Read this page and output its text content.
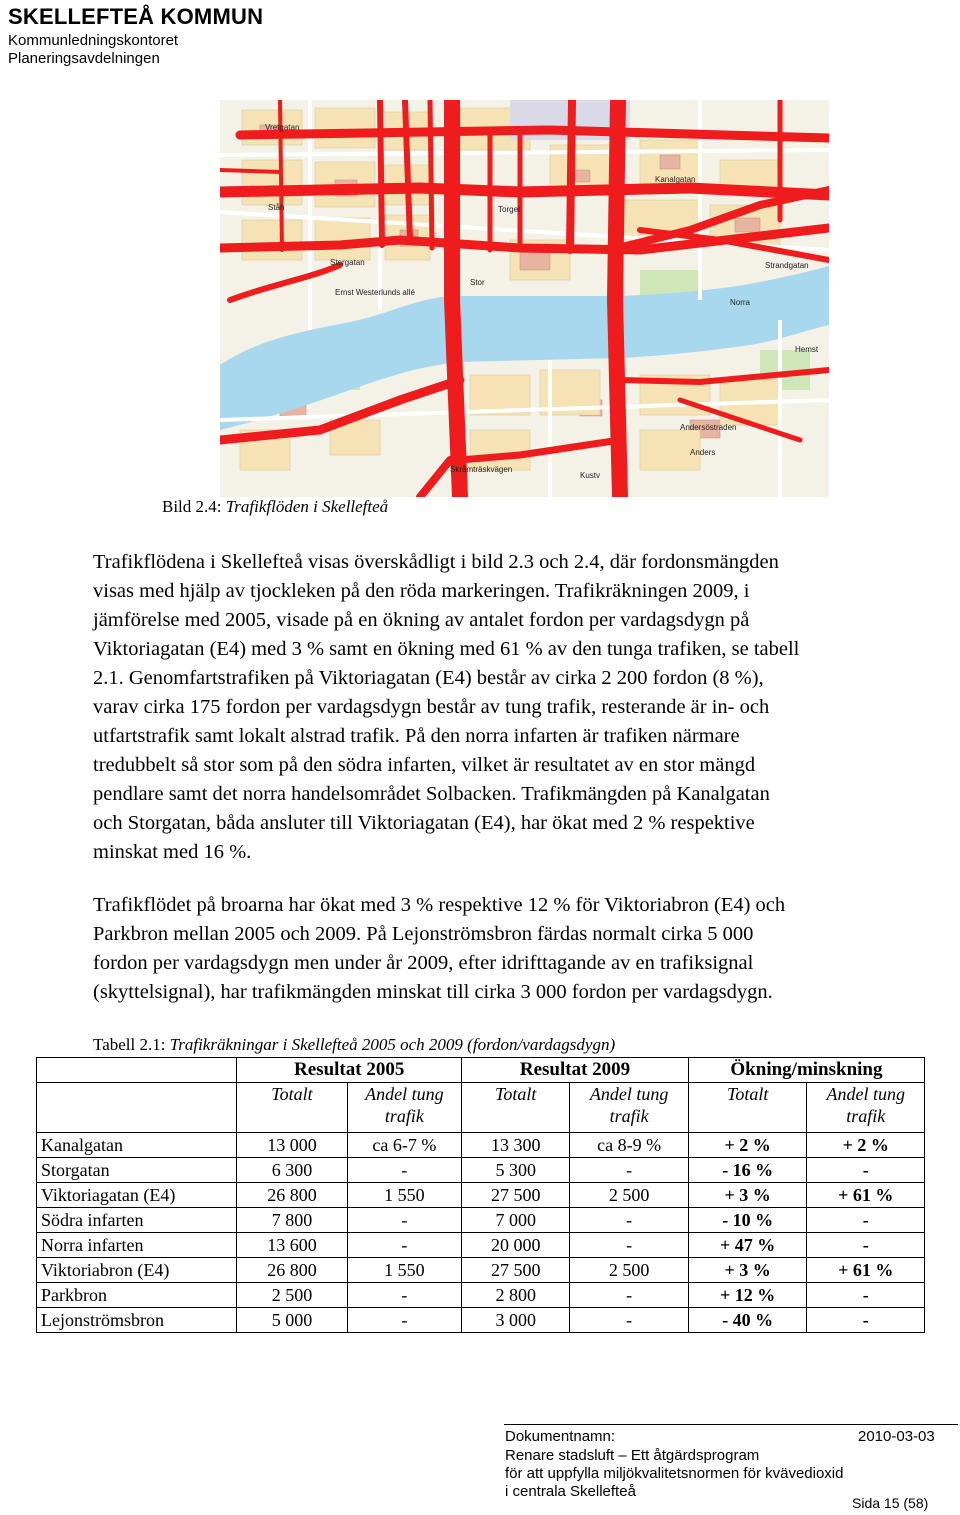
SKELLEFTEÅ KOMMUN
Kommunledningskontoret
Planeringsavdelningen
Vretgatan
Ståh
Storgatan
Kanalgatan
Torget
Norra
Strandgatan
Stor
Ernst Westerlunds allé
Hemst
Kustv
Skråmträskvägen
Andersöstraden
Anders
Bild 2.4: Trafikflöden i Skellefteå
Trafikflödena i Skellefteå visas överskådligt i bild 2.3 och 2.4, där fordonsmängden
visas med hjälp av tjockleken på den röda markeringen. Trafikräkningen 2009, i
jämförelse med 2005, visade på en ökning av antalet fordon per vardagsdygn på
Viktoriagatan (E4) med 3 % samt en ökning med 61 % av den tunga trafiken, se tabell
2.1. Genomfartstrafiken på Viktoriagatan (E4) består av cirka 2 200 fordon (8 %),
varav cirka 175 fordon per vardagsdygn består av tung trafik, resterande är in- och
utfartstrafik samt lokalt alstrad trafik. På den norra infarten är trafiken närmare
tredubbelt så stor som på den södra infarten, vilket är resultatet av en stor mängd
pendlare samt det norra handelsområdet Solbacken. Trafikmängden på Kanalgatan
och Storgatan, båda ansluter till Viktoriagatan (E4), har ökat med 2 % respektive
minskat med 16 %.
Trafikflödet på broarna har ökat med 3 % respektive 12 % för Viktoriabron (E4) och
Parkbron mellan 2005 och 2009. På Lejonströmsbron färdas normalt cirka 5 000
fordon per vardagsdygn men under år 2009, efter idrifttagande av en trafiksignal
(skyttelsignal), har trafikmängden minskat till cirka 3 000 fordon per vardagsdygn.
Tabell 2.1: Trafikräkningar i Skellefteå 2005 och 2009 (fordon/vardagsdygn)
	Resultat 2005		Resultat 2009		Ökning/minskning	
	Totalt	Andel tung trafik	Totalt	Andel tung trafik	Totalt	Andel tung trafik
Kanalgatan	13 000	ca 6-7 %	13 300	ca 8-9 %	+ 2 %	+ 2 %
Storgatan	6 300	-	5 300	-	- 16 %	-
Viktoriagatan (E4)	26 800	1 550	27 500	2 500	+ 3 %	+ 61 %
Södra infarten	7 800	-	7 000	-	- 10 %	-
Norra infarten	13 600	-	20 000	-	+ 47 %	-
Viktoriabron (E4)	26 800	1 550	27 500	2 500	+ 3 %	+ 61 %
Parkbron	2 500	-	2 800	-	+ 12 %	-
Lejonströmsbron	5 000	-	3 000	-	- 40 %	-
Dokumentnamn:	2010-03-03
Renare stadsluft – Ett åtgärdsprogram
för att uppfylla miljökvalitetsnormen för kvävedioxid
i centrala Skellefteå
Sida 15 (58)
